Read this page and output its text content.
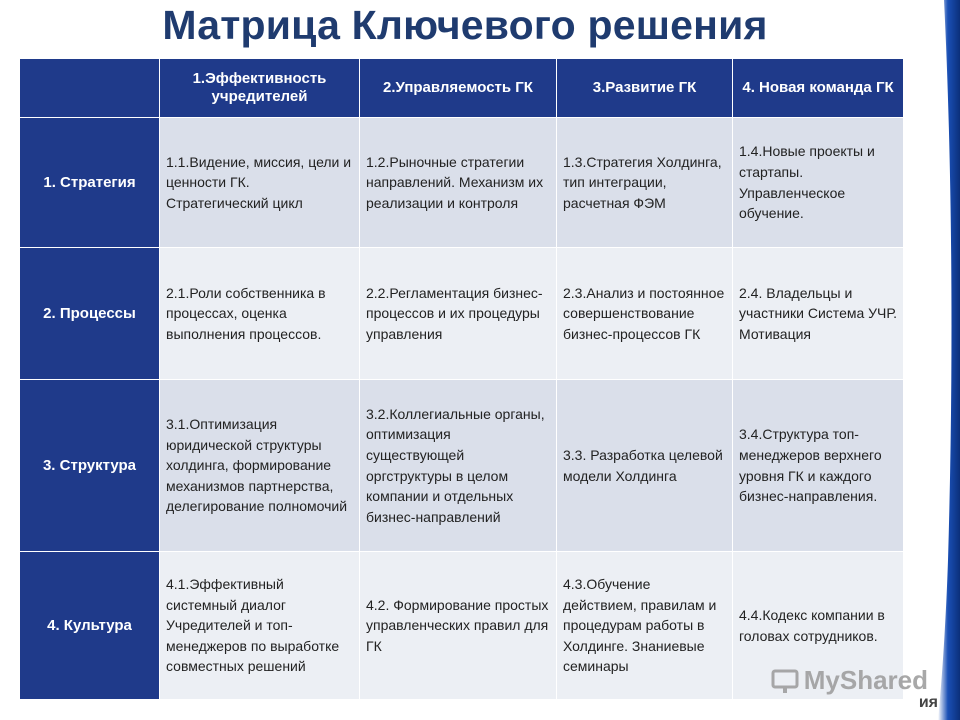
Матрица Ключевого решения
	1.Эффективность учредителей	2.Управляемость ГК	3.Развитие ГК	4. Новая команда ГК
1. Стратегия	1.1.Видение, миссия, цели и ценности ГК. Стратегический цикл	1.2.Рыночные стратегии направлений. Механизм их реализации и контроля	1.3.Стратегия Холдинга, тип интеграции, расчетная ФЭМ	1.4.Новые проекты и стартапы. Управленческое обучение.

2. Процессы	2.1.Роли собственника в процессах, оценка выполнения процессов.	2.2.Регламентация бизнес-процессов и их процедуры управления	2.3.Анализ и постоянное совершенствование бизнес-процессов ГК	2.4. Владельцы и участники Система УЧР. Мотивация

3. Структура	3.1.Оптимизация юридической структуры холдинга, формирование механизмов партнерства, делегирование полномочий	3.2.Коллегиальные органы, оптимизация существующей оргструктуры в целом компании и отдельных бизнес-направлений	3.3. Разработка целевой модели Холдинга	3.4.Структура топ-менеджеров верхнего уровня ГК и каждого бизнес-направления.

4. Культура	4.1.Эффективный системный диалог Учредителей и топ-менеджеров по выработке совместных решений	4.2. Формирование простых управленческих правил для ГК	4.3.Обучение действием, правилам и процедурам работы в Холдинге. Знаниевые семинары	4.4.Кодекс компании в головах сотрудников.
MyShared
ия
